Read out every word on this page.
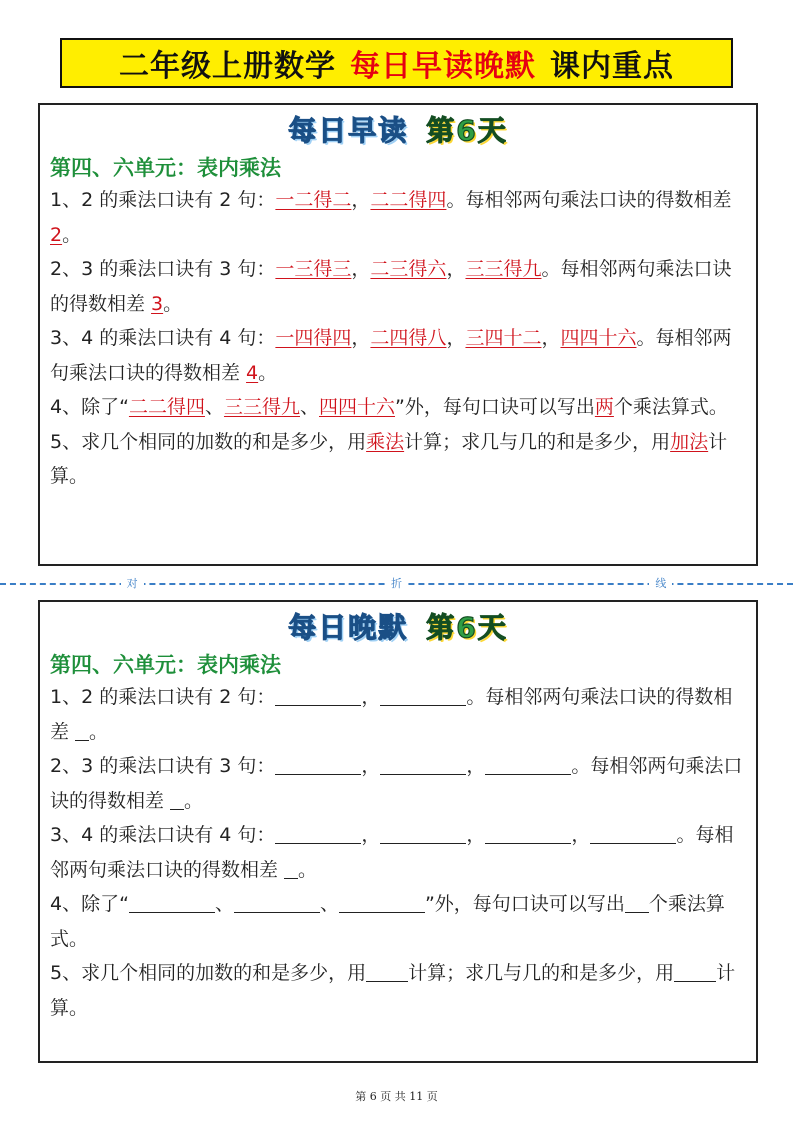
二年级上册数学 每日早读晚默 课内重点
每日早读 第6天
第四、六单元：表内乘法

1、2 的乘法口诀有 2 句：一二得二，二二得四。每相邻两句乘法口诀的得数相差 2。

2、3 的乘法口诀有 3 句：一三得三，二三得六，三三得九。每相邻两句乘法口诀的得数相差 3。

3、4 的乘法口诀有 4 句：一四得四，二四得八，三四十二，四四十六。每相邻两句乘法口诀的得数相差 4。

4、除了“二二得四、三三得九、四四十六”外，每句口诀可以写出两个乘法算式。

5、求几个相同的加数的和是多少，用乘法计算；求几与几的和是多少，用加法计算。

对	折	线
每日晚默 第6天
第四、六单元：表内乘法

1、2 的乘法口诀有 2 句：	，	。每相邻两句乘法口诀的得数相差 。

2、3 的乘法口诀有 3 句：	，	，	。每相邻两句乘法口诀的得数相差 。

3、4 的乘法口诀有 4 句：	，	，	，	。每相邻两句乘法口诀的得数相差 。

4、除了“	、	、	”外，每句口诀可以写出 个乘法算式。

5、求几个相同的加数的和是多少，用 计算；求几与几的和是多少，用 计算。

第 6 页 共 11 页
